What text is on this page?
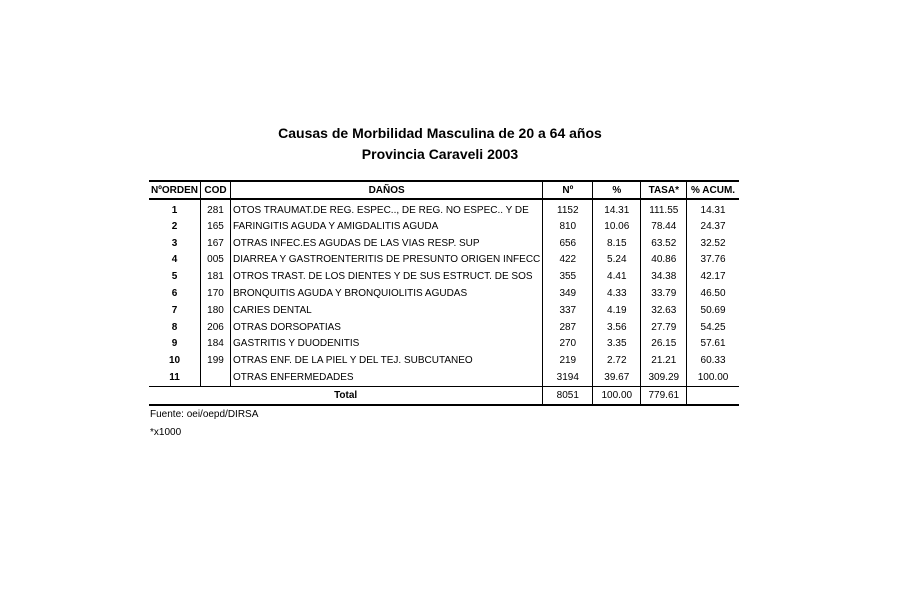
Causas de Morbilidad Masculina de 20 a 64 años
Provincia Caraveli 2003
NºORDEN	COD	DAÑOS	Nº	%	TASA*	% ACUM.
1	281	OTOS TRAUMAT.DE REG. ESPEC.., DE REG. NO ESPEC.. Y DE	1152	14.31	111.55	14.31
2	165	FARINGITIS AGUDA Y AMIGDALITIS AGUDA	810	10.06	78.44	24.37
3	167	OTRAS INFEC.ES AGUDAS DE LAS VIAS RESP. SUP	656	8.15	63.52	32.52
4	005	DIARREA Y GASTROENTERITIS DE PRESUNTO ORIGEN INFECC	422	5.24	40.86	37.76
5	181	OTROS TRAST. DE LOS DIENTES Y DE SUS ESTRUCT. DE SOS	355	4.41	34.38	42.17
6	170	BRONQUITIS AGUDA Y BRONQUIOLITIS AGUDAS	349	4.33	33.79	46.50
7	180	CARIES DENTAL	337	4.19	32.63	50.69
8	206	OTRAS DORSOPATIAS	287	3.56	27.79	54.25
9	184	GASTRITIS Y DUODENITIS	270	3.35	26.15	57.61
10	199	OTRAS ENF. DE LA PIEL Y DEL TEJ. SUBCUTANEO	219	2.72	21.21	60.33
11		OTRAS ENFERMEDADES	3194	39.67	309.29	100.00
Total			8051	100.00	779.61	
Fuente: oei/oepd/DIRSA
*x1000
